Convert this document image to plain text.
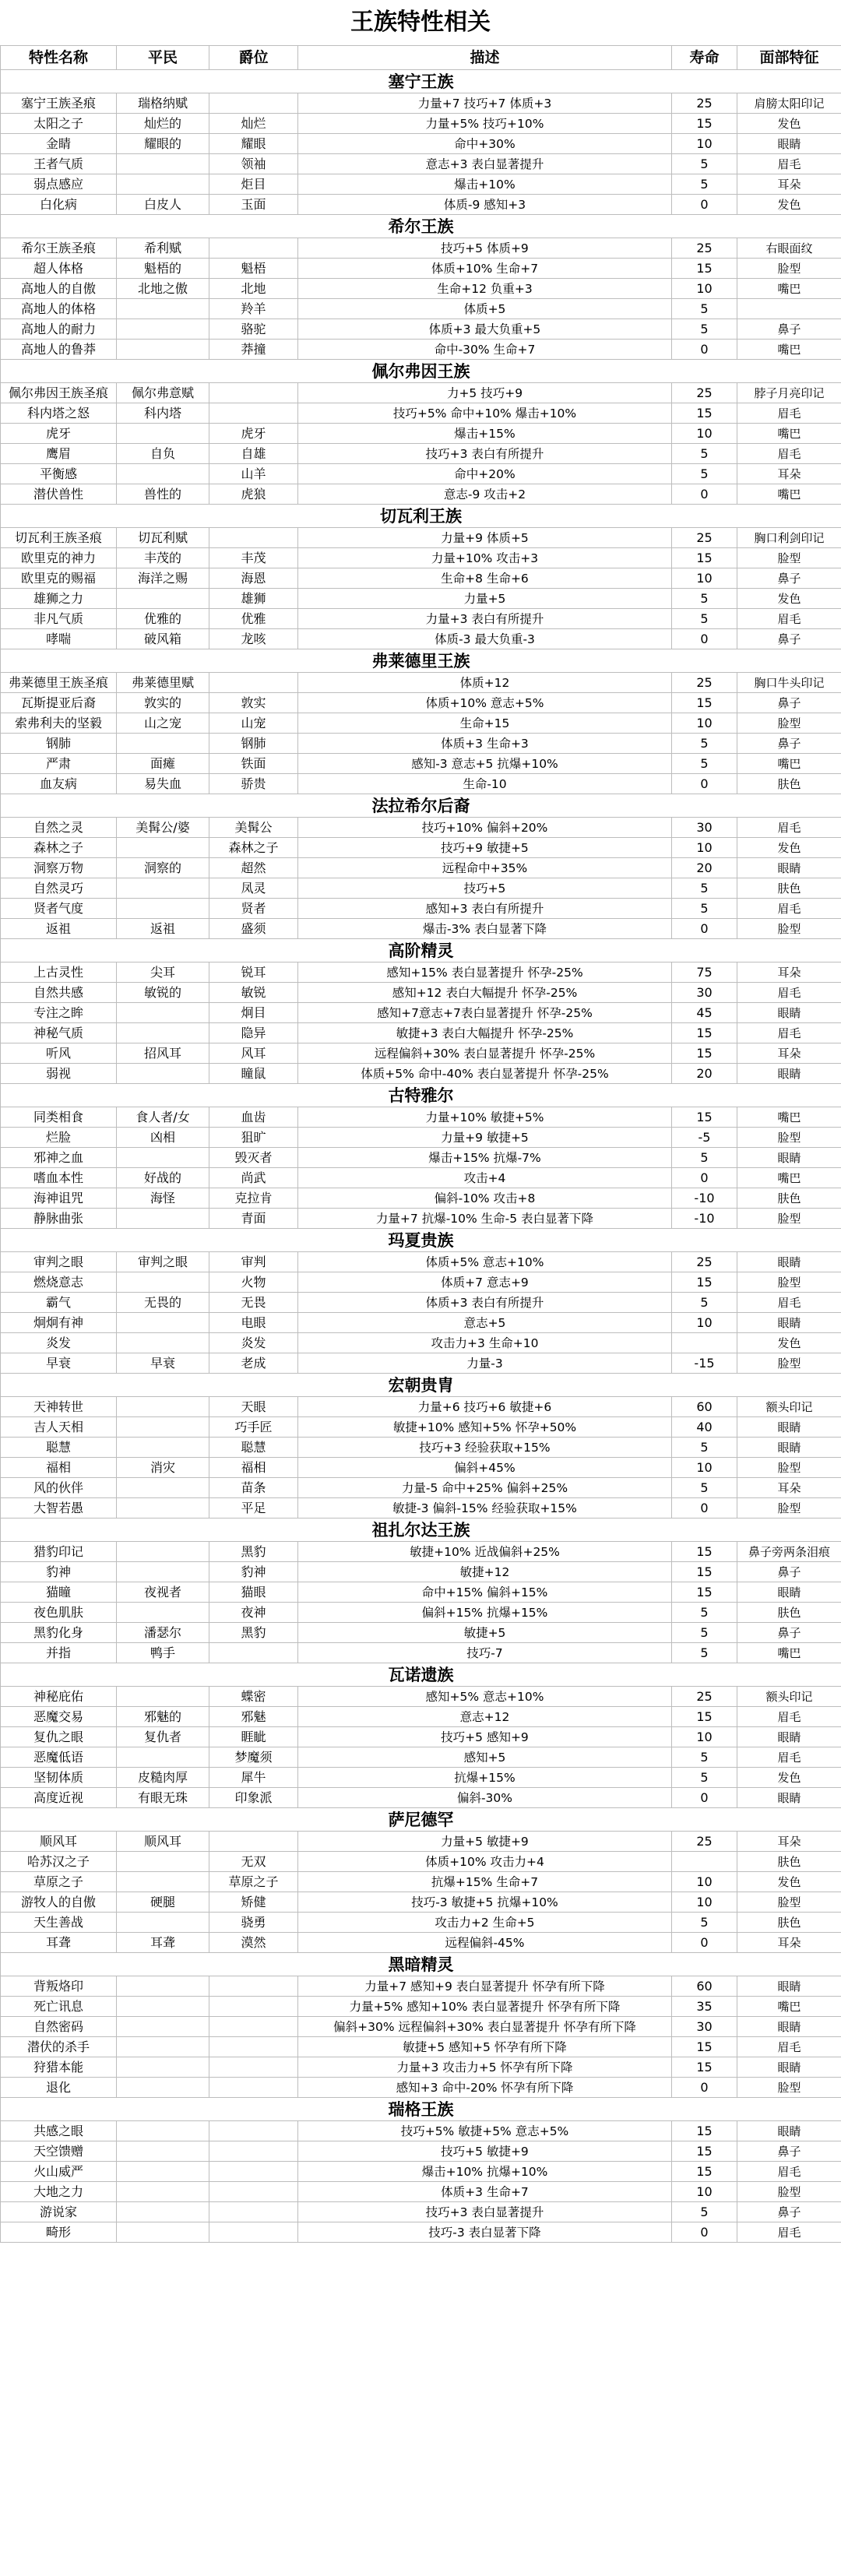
王族特性相关
特性名称	平民	爵位	描述	寿命	面部特征
塞宁王族					
塞宁王族圣痕	瑞格纳赋		力量+7 技巧+7 体质+3	25	肩膀太阳印记
太阳之子	灿烂的	灿烂	力量+5% 技巧+10%	15	发色
金睛	耀眼的	耀眼	命中+30%	10	眼睛
王者气质		领袖	意志+3 表白显著提升	5	眉毛
弱点感应		炬目	爆击+10%	5	耳朵
白化病	白皮人	玉面	体质-9 感知+3	0	发色
希尔王族					
希尔王族圣痕	希利赋		技巧+5 体质+9	25	右眼面纹
超人体格	魁梧的	魁梧	体质+10% 生命+7	15	脸型
高地人的自傲	北地之傲	北地	生命+12 负重+3	10	嘴巴
高地人的体格		羚羊	体质+5	5	
高地人的耐力		骆驼	体质+3 最大负重+5	5	鼻子
高地人的鲁莽		莽撞	命中-30% 生命+7	0	嘴巴
佩尔弗因王族					
佩尔弗因王族圣痕	佩尔弗意赋		力+5 技巧+9	25	脖子月亮印记
科内塔之怒	科内塔		技巧+5% 命中+10% 爆击+10%	15	眉毛
虎牙		虎牙	爆击+15%	10	嘴巴
鹰眉	自负	自雄	技巧+3 表白有所提升	5	眉毛
平衡感		山羊	命中+20%	5	耳朵
潜伏兽性	兽性的	虎狼	意志-9 攻击+2	0	嘴巴
切瓦利王族					
切瓦利王族圣痕	切瓦利赋		力量+9 体质+5	25	胸口利剑印记
欧里克的神力	丰茂的	丰茂	力量+10% 攻击+3	15	脸型
欧里克的赐福	海洋之赐	海恩	生命+8 生命+6	10	鼻子
雄狮之力		雄狮	力量+5	5	发色
非凡气质	优雅的	优雅	力量+3 表白有所提升	5	眉毛
哮喘	破风箱	龙咳	体质-3 最大负重-3	0	鼻子
弗莱德里王族					
弗莱德里王族圣痕	弗莱德里赋		体质+12	25	胸口牛头印记
瓦斯提亚后裔	敦实的	敦实	体质+10% 意志+5%	15	鼻子
索弗利夫的坚毅	山之宠	山宠	生命+15	10	脸型
钢肺		钢肺	体质+3 生命+3	5	鼻子
严肃	面瘫	铁面	感知-3 意志+5 抗爆+10%	5	嘴巴
血友病	易失血	骄贵	生命-10	0	肤色
法拉希尔后裔					
自然之灵	美髯公/婆	美髯公	技巧+10% 偏斜+20%	30	眉毛
森林之子		森林之子	技巧+9 敏捷+5	10	发色
洞察万物	洞察的	超然	远程命中+35%	20	眼睛
自然灵巧		凤灵	技巧+5	5	肤色
贤者气度		贤者	感知+3 表白有所提升	5	眉毛
返祖	返祖	盛须	爆击-3% 表白显著下降	0	脸型
高阶精灵					
上古灵性	尖耳	锐耳	感知+15% 表白显著提升 怀孕-25%	75	耳朵
自然共感	敏锐的	敏锐	感知+12 表白大幅提升 怀孕-25%	30	眉毛
专注之眸		炯目	感知+7意志+7表白显著提升 怀孕-25%	45	眼睛
神秘气质		隐异	敏捷+3 表白大幅提升 怀孕-25%	15	眉毛
听风	招风耳	风耳	远程偏斜+30% 表白显著提升 怀孕-25%	15	耳朵
弱视		瞳鼠	体质+5% 命中-40% 表白显著提升 怀孕-25%	20	眼睛
古特雅尔					
同类相食	食人者/女	血齿	力量+10% 敏捷+5%	15	嘴巴
烂脸	凶相	狙旷	力量+9 敏捷+5	-5	脸型
邪神之血		毁灭者	爆击+15% 抗爆-7%	5	眼睛
嗜血本性	好战的	尚武	攻击+4	0	嘴巴
海神诅咒	海怪	克拉肯	偏斜-10% 攻击+8	-10	肤色
静脉曲张		青面	力量+7 抗爆-10% 生命-5 表白显著下降	-10	脸型
玛夏贵族					
审判之眼	审判之眼	审判	体质+5% 意志+10%	25	眼睛
燃烧意志		火物	体质+7 意志+9	15	脸型
霸气	无畏的	无畏	体质+3 表白有所提升	5	眉毛
炯炯有神		电眼	意志+5	10	眼睛
炎发		炎发	攻击力+3 生命+10		发色
早衰	早衰	老成	力量-3	-15	脸型
宏朝贵胄					
天神转世		天眼	力量+6 技巧+6 敏捷+6	60	额头印记
吉人天相		巧手匠	敏捷+10% 感知+5% 怀孕+50%	40	眼睛
聪慧		聪慧	技巧+3 经验获取+15%	5	眼睛
福相	消灾	福相	偏斜+45%	10	脸型
风的伙伴		苗条	力量-5 命中+25% 偏斜+25%	5	耳朵
大智若愚		平足	敏捷-3 偏斜-15% 经验获取+15%	0	脸型
祖扎尔达王族					
猎豹印记		黑豹	敏捷+10% 近战偏斜+25%	15	鼻子旁两条泪痕
豹神		豹神	敏捷+12	15	鼻子
猫瞳	夜视者	猫眼	命中+15% 偏斜+15%	15	眼睛
夜色肌肤		夜神	偏斜+15% 抗爆+15%	5	肤色
黑豹化身	潘瑟尔	黑豹	敏捷+5	5	鼻子
并指	鸭手		技巧-7	5	嘴巴
瓦诺遗族					
神秘庇佑		蝶密	感知+5% 意志+10%	25	额头印记
恶魔交易	邪魅的	邪魅	意志+12	15	眉毛
复仇之眼	复仇者	睚眦	技巧+5 感知+9	10	眼睛
恶魔低语		梦魔须	感知+5	5	眉毛
坚韧体质	皮糙肉厚	犀牛	抗爆+15%	5	发色
高度近视	有眼无珠	印象派	偏斜-30%	0	眼睛
萨尼德罕					
顺风耳	顺风耳		力量+5 敏捷+9	25	耳朵
哈苏汉之子		无双	体质+10% 攻击力+4		肤色
草原之子		草原之子	抗爆+15% 生命+7	10	发色
游牧人的自傲	硬腿	矫健	技巧-3 敏捷+5 抗爆+10%	10	脸型
天生善战		骁勇	攻击力+2 生命+5	5	肤色
耳聋	耳聋	漠然	远程偏斜-45%	0	耳朵
黑暗精灵					
背叛烙印			力量+7 感知+9 表白显著提升 怀孕有所下降	60	眼睛
死亡讯息			力量+5% 感知+10% 表白显著提升 怀孕有所下降	35	嘴巴
自然密码			偏斜+30% 远程偏斜+30% 表白显著提升 怀孕有所下降	30	眼睛
潜伏的杀手			敏捷+5 感知+5 怀孕有所下降	15	眉毛
狩猎本能			力量+3 攻击力+5 怀孕有所下降	15	眼睛
退化			感知+3 命中-20% 怀孕有所下降	0	脸型
瑞格王族					
共感之眼			技巧+5% 敏捷+5% 意志+5%	15	眼睛
天空馈赠			技巧+5 敏捷+9	15	鼻子
火山威严			爆击+10% 抗爆+10%	15	眉毛
大地之力			体质+3 生命+7	10	脸型
游说家			技巧+3 表白显著提升	5	鼻子
畸形			技巧-3 表白显著下降	0	眉毛
